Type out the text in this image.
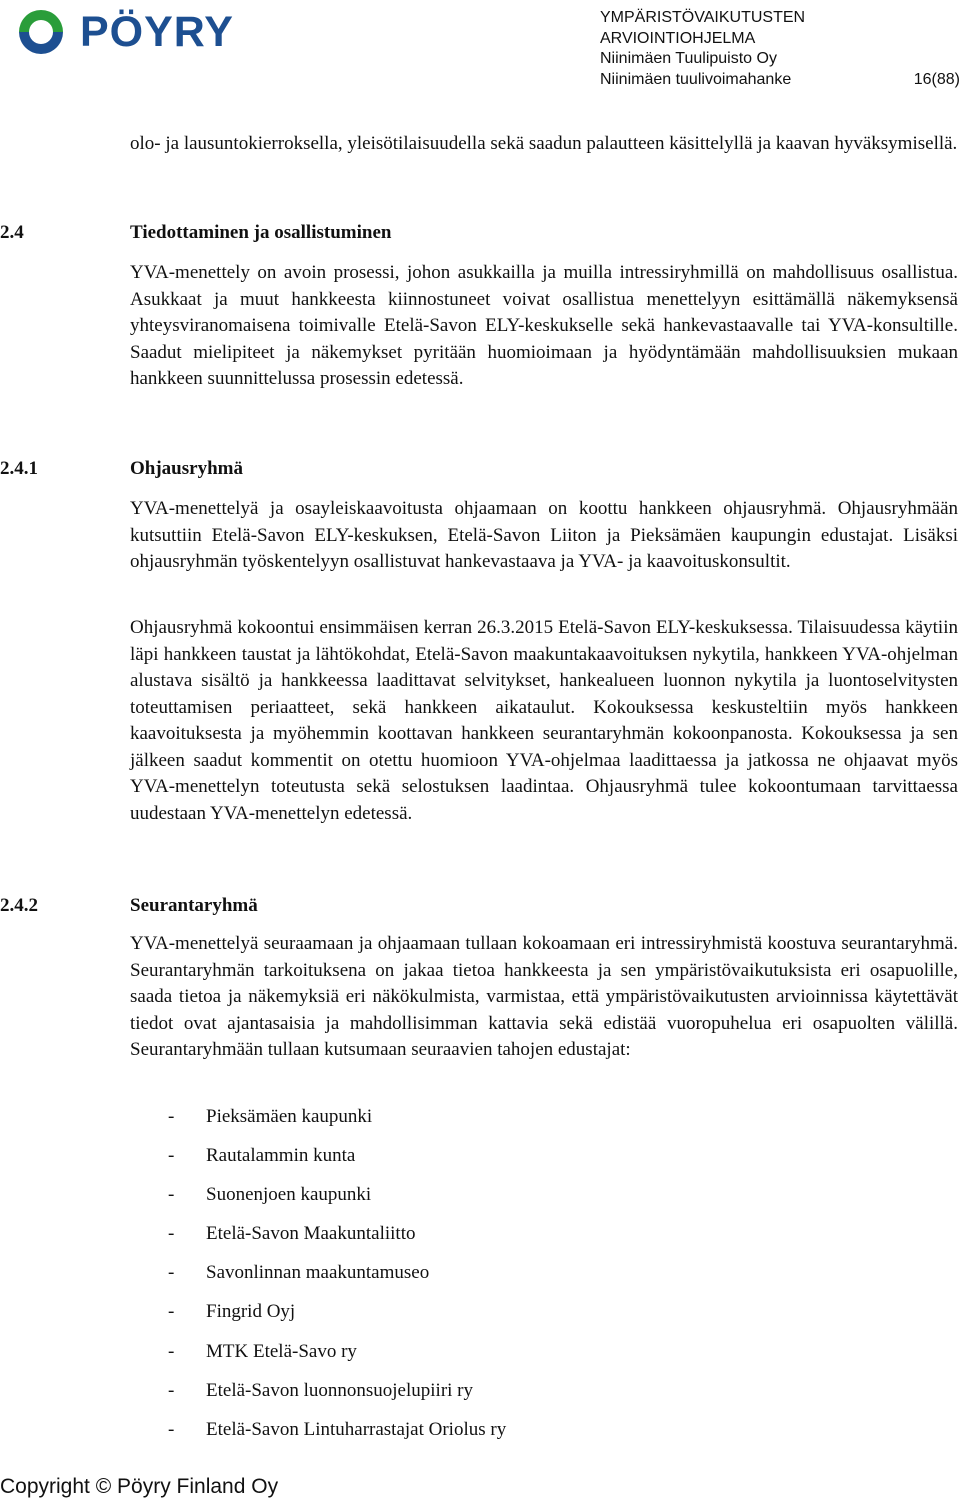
PÖYRY	YMPÄRISTÖVAIKUTUSTEN
ARVIOINTIOHJELMA
Niinimäen Tuulipuisto Oy
Niinimäen tuulivoimahanke	16(88)

olo- ja lausuntokierroksella, yleisötilaisuudella sekä saadun palautteen käsittelyllä ja kaavan hyväksymisellä.

2.4	Tiedottaminen ja osallistuminen

YVA-menettely on avoin prosessi, johon asukkailla ja muilla intressiryhmillä on mahdollisuus osallistua. Asukkaat ja muut hankkeesta kiinnostuneet voivat osallistua menettelyyn esittämällä näkemyksensä yhteysviranomaisena toimivalle Etelä-Savon ELY-keskukselle sekä hankevastaavalle tai YVA-konsultille. Saadut mielipiteet ja näkemykset pyritään huomioimaan ja hyödyntämään mahdollisuuksien mukaan hankkeen suunnittelussa prosessin edetessä.

2.4.1	Ohjausryhmä

YVA-menettelyä ja osayleiskaavoitusta ohjaamaan on koottu hankkeen ohjausryhmä. Ohjausryhmään kutsuttiin Etelä-Savon ELY-keskuksen, Etelä-Savon Liiton ja Pieksämäen kaupungin edustajat. Lisäksi ohjausryhmän työskentelyyn osallistuvat hankevastaava ja YVA- ja kaavoituskonsultit.

Ohjausryhmä kokoontui ensimmäisen kerran 26.3.2015 Etelä-Savon ELY-keskuksessa. Tilaisuudessa käytiin läpi hankkeen taustat ja lähtökohdat, Etelä-Savon maakuntakaavoituksen nykytila, hankkeen YVA-ohjelman alustava sisältö ja hankkeessa laadittavat selvitykset, hankealueen luonnon nykytila ja luontoselvitysten toteuttamisen periaatteet, sekä hankkeen aikataulut. Kokouksessa keskusteltiin myös hankkeen kaavoituksesta ja myöhemmin koottavan hankkeen seurantaryhmän kokoonpanosta. Kokouksessa ja sen jälkeen saadut kommentit on otettu huomioon YVA-ohjelmaa laadittaessa ja jatkossa ne ohjaavat myös YVA-menettelyn toteutusta sekä selostuksen laadintaa. Ohjausryhmä tulee kokoontumaan tarvittaessa uudestaan YVA-menettelyn edetessä.

2.4.2	Seurantaryhmä

YVA-menettelyä seuraamaan ja ohjaamaan tullaan kokoamaan eri intressiryhmistä koostuva seurantaryhmä. Seurantaryhmän tarkoituksena on jakaa tietoa hankkeesta ja sen ympäristövaikutuksista eri osapuolille, saada tietoa ja näkemyksiä eri näkökulmista, varmistaa, että ympäristövaikutusten arvioinnissa käytettävät tiedot ovat ajantasaisia ja mahdollisimman kattavia sekä edistää vuoropuhelua eri osapuolten välillä. Seurantaryhmään tullaan kutsumaan seuraavien tahojen edustajat:

- Pieksämäen kaupunki
- Rautalammin kunta
- Suonenjoen kaupunki
- Etelä-Savon Maakuntaliitto
- Savonlinnan maakuntamuseo
- Fingrid Oyj
- MTK Etelä-Savo ry
- Etelä-Savon luonnonsuojelupiiri ry
- Etelä-Savon Lintuharrastajat Oriolus ry
Copyright © Pöyry Finland Oy
